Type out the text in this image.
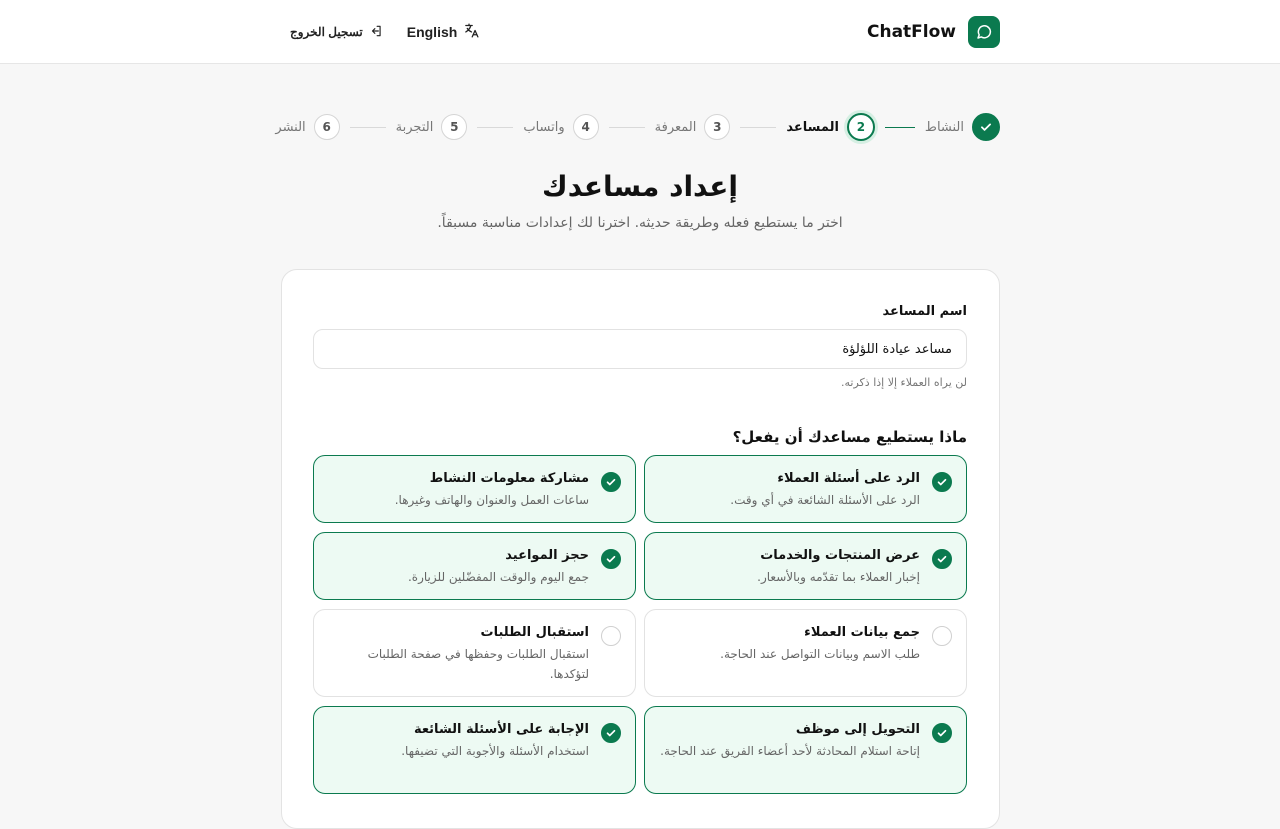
ChatFlow
English
تسجيل الخروج
النشاط
2
المساعد
3
المعرفة
4
واتساب
5
التجربة
6
النشر
إعداد مساعدك

اختر ما يستطيع فعله وطريقة حديثه. اخترنا لك إعدادات مناسبة مسبقاً.

اسم المساعد
مساعد عيادة اللؤلؤة

لن يراه العملاء إلا إذا ذكرته.

ماذا يستطيع مساعدك أن يفعل؟
الرد على أسئلة العملاء
الرد على الأسئلة الشائعة في أي وقت.
مشاركة معلومات النشاط
ساعات العمل والعنوان والهاتف وغيرها.
عرض المنتجات والخدمات
إخبار العملاء بما تقدّمه وبالأسعار.
حجز المواعيد
جمع اليوم والوقت المفضّلين للزيارة.
جمع بيانات العملاء
طلب الاسم وبيانات التواصل عند الحاجة.
استقبال الطلبات
استقبال الطلبات وحفظها في صفحة الطلبات لتؤكدها.
التحويل إلى موظف
إتاحة استلام المحادثة لأحد أعضاء الفريق عند الحاجة.
الإجابة على الأسئلة الشائعة
استخدام الأسئلة والأجوبة التي تضيفها.
